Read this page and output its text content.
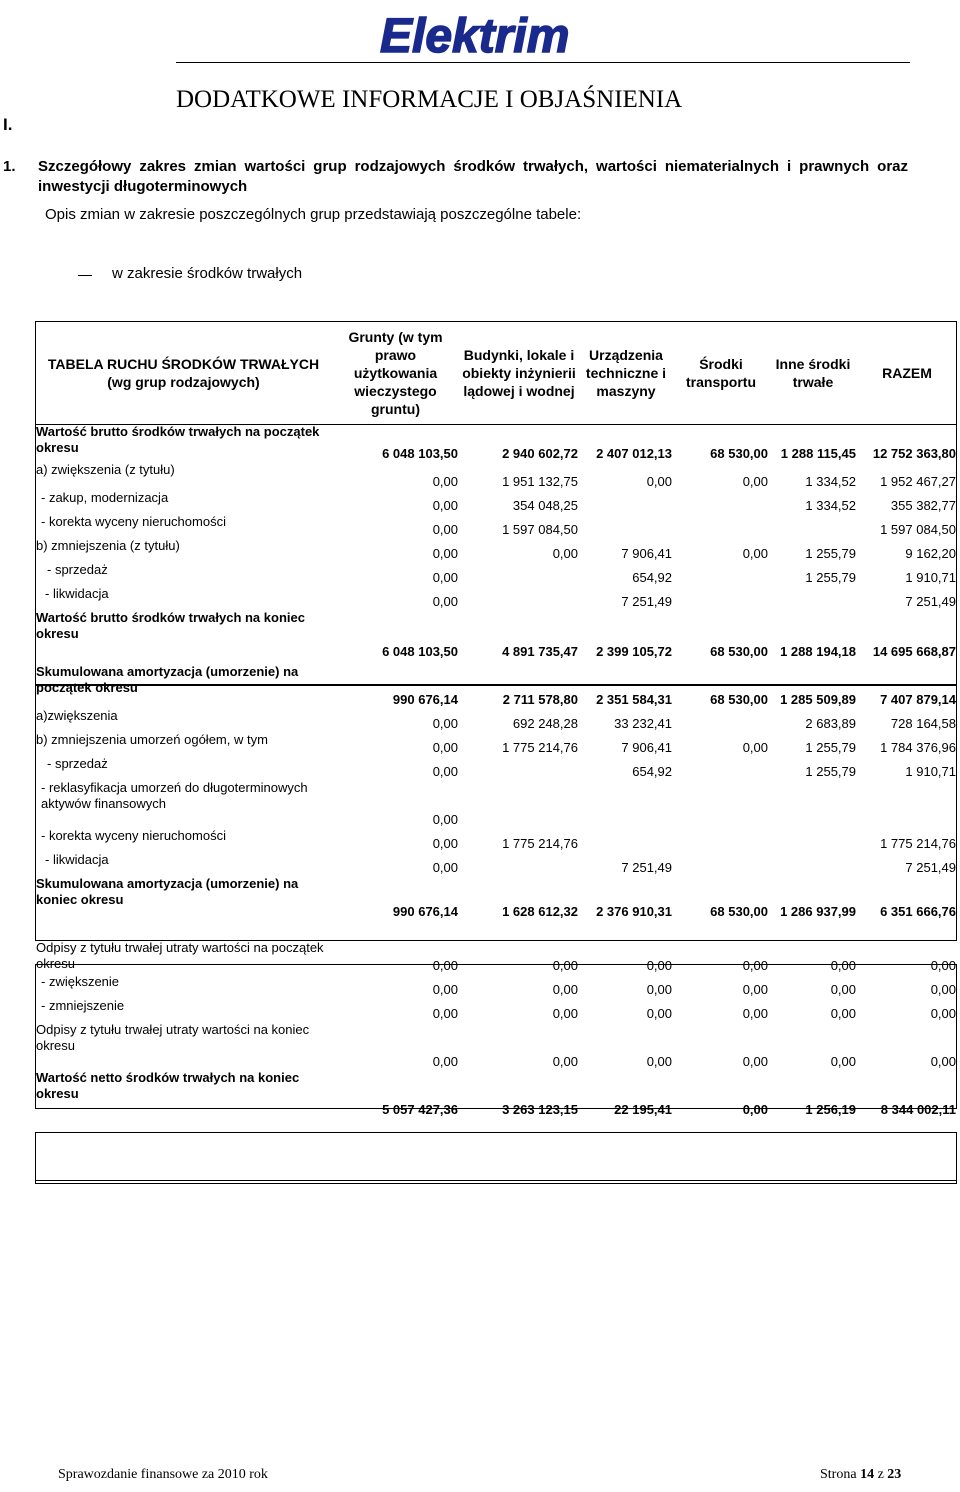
Elektrim
I.
DODATKOWE INFORMACJE I OBJAŚNIENIA
1. Szczegółowy zakres zmian wartości grup rodzajowych środków trwałych, wartości niematerialnych i prawnych oraz inwestycji długoterminowych
Opis zmian w zakresie poszczególnych grup przedstawiają poszczególne tabele:
w zakresie środków trwałych
TABELA RUCHU ŚRODKÓW TRWAŁYCH (wg grup rodzajowych)	Grunty (w tym prawo użytkowania wieczystego gruntu)	Budynki, lokale i obiekty inżynierii lądowej i wodnej	Urządzenia techniczne i maszyny	Środki transportu	Inne środki trwałe	RAZEM
Wartość brutto środków trwałych na początek okresu	6 048 103,50	2 940 602,72	2 407 012,13	68 530,00	1 288 115,45	12 752 363,80
a) zwiększenia (z tytułu)	0,00	1 951 132,75	0,00	0,00	1 334,52	1 952 467,27
- zakup, modernizacja	0,00	354 048,25			1 334,52	355 382,77
- korekta wyceny nieruchomości	0,00	1 597 084,50				1 597 084,50
b) zmniejszenia (z tytułu)	0,00	0,00	7 906,41	0,00	1 255,79	9 162,20
- sprzedaż	0,00		654,92		1 255,79	1 910,71
- likwidacja	0,00		7 251,49			7 251,49
Wartość brutto środków trwałych na koniec okresu	6 048 103,50	4 891 735,47	2 399 105,72	68 530,00	1 288 194,18	14 695 668,87
Skumulowana amortyzacja (umorzenie) na początek okresu	990 676,14	2 711 578,80	2 351 584,31	68 530,00	1 285 509,89	7 407 879,14
a)zwiększenia	0,00	692 248,28	33 232,41		2 683,89	728 164,58
b) zmniejszenia umorzeń ogółem, w tym	0,00	1 775 214,76	7 906,41	0,00	1 255,79	1 784 376,96
- sprzedaż	0,00		654,92		1 255,79	1 910,71
- reklasyfikacja umorzeń do długoterminowych aktywów finansowych	0,00					
- korekta wyceny nieruchomości	0,00	1 775 214,76				1 775 214,76
- likwidacja	0,00		7 251,49			7 251,49
Skumulowana amortyzacja (umorzenie) na koniec okresu	990 676,14	1 628 612,32	2 376 910,31	68 530,00	1 286 937,99	6 351 666,76
Odpisy z tytułu trwałej utraty wartości na początek okresu	0,00	0,00	0,00	0,00	0,00	0,00
- zwiększenie	0,00	0,00	0,00	0,00	0,00	0,00
- zmniejszenie	0,00	0,00	0,00	0,00	0,00	0,00
Odpisy z tytułu trwałej utraty wartości na koniec okresu	0,00	0,00	0,00	0,00	0,00	0,00
Wartość netto środków trwałych na koniec okresu	5 057 427,36	3 263 123,15	22 195,41	0,00	1 256,19	8 344 002,11
Sprawozdanie finansowe za 2010 rok	Strona 14 z 23
